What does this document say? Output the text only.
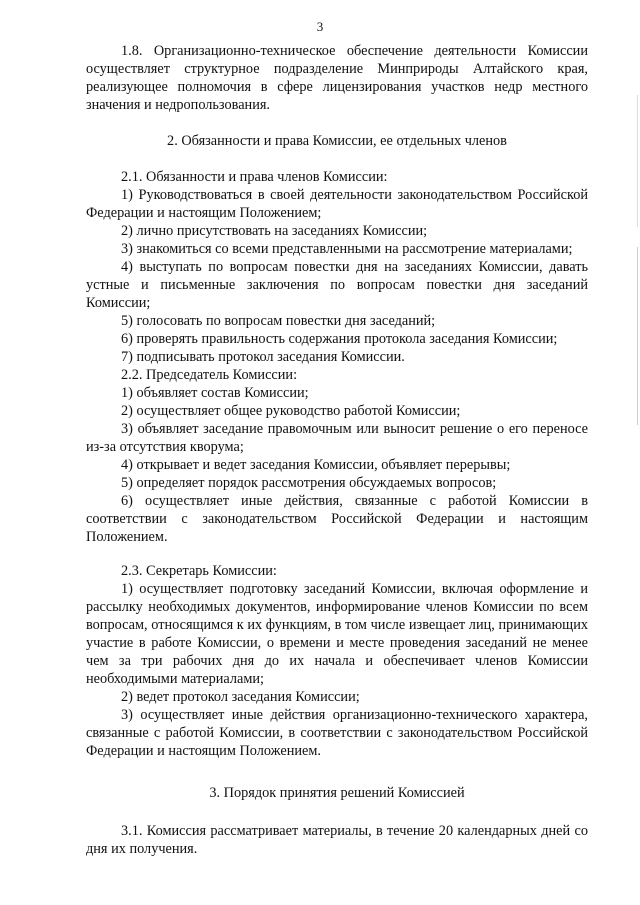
3

1.8. Организационно-техническое обеспечение деятельности Комиссии осуществляет структурное подразделение Минприроды Алтайского края, реализующее полномочия в сфере лицензирования участков недр местного значения и недропользования.

2. Обязанности и права Комиссии, ее отдельных членов

2.1. Обязанности и права членов Комиссии:

1) Руководствоваться в своей деятельности законодательством Российской Федерации и настоящим Положением;

2) лично присутствовать на заседаниях Комиссии;

3) знакомиться со всеми представленными на рассмотрение материалами;

4) выступать по вопросам повестки дня на заседаниях Комиссии, давать устные и письменные заключения по вопросам повестки дня заседаний Комиссии;

5) голосовать по вопросам повестки дня заседаний;

6) проверять правильность содержания протокола заседания Комиссии;

7) подписывать протокол заседания Комиссии.

2.2. Председатель Комиссии:

1) объявляет состав Комиссии;

2) осуществляет общее руководство работой Комиссии;

3) объявляет заседание правомочным или выносит решение о его переносе из-за отсутствия кворума;

4) открывает и ведет заседания Комиссии, объявляет перерывы;

5) определяет порядок рассмотрения обсуждаемых вопросов;

6) осуществляет иные действия, связанные с работой Комиссии в соответствии с законодательством Российской Федерации и настоящим Положением.

2.3. Секретарь Комиссии:

1) осуществляет подготовку заседаний Комиссии, включая оформление и рассылку необходимых документов, информирование членов Комиссии по всем вопросам, относящимся к их функциям, в том числе извещает лиц, принимающих участие в работе Комиссии, о времени и месте проведения заседаний не менее чем за три рабочих дня до их начала и обеспечивает членов Комиссии необходимыми материалами;

2) ведет протокол заседания Комиссии;

3) осуществляет иные действия организационно-технического характера, связанные с работой Комиссии, в соответствии с законодательством Российской Федерации и настоящим Положением.

3. Порядок принятия решений Комиссией

3.1. Комиссия рассматривает материалы, в течение 20 календарных дней со дня их получения.
